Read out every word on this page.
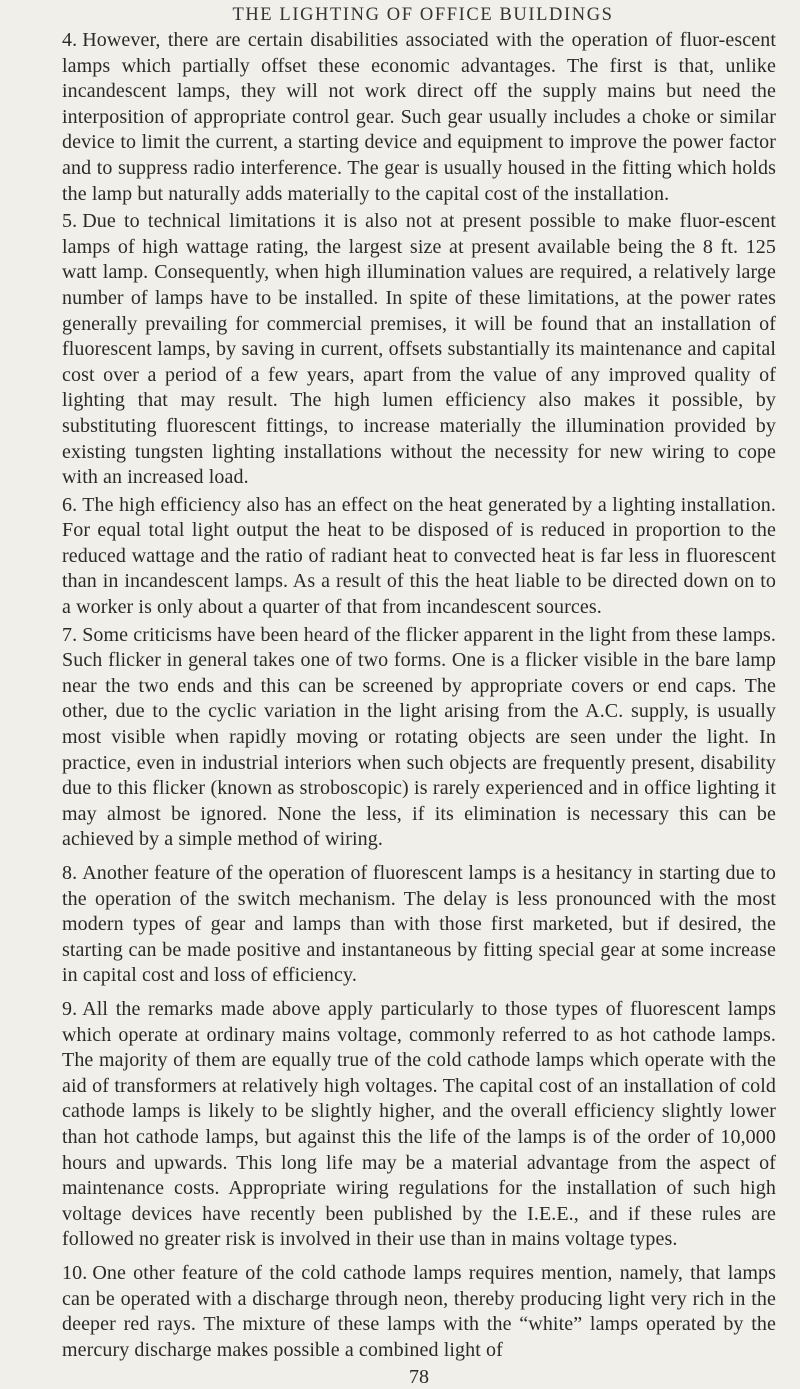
THE LIGHTING OF OFFICE BUILDINGS

4. However, there are certain disabilities associated with the operation of fluor-escent lamps which partially offset these economic advantages. The first is that, unlike incandescent lamps, they will not work direct off the supply mains but need the interposition of appropriate control gear. Such gear usually includes a choke or similar device to limit the current, a starting device and equipment to improve the power factor and to suppress radio interference. The gear is usually housed in the fitting which holds the lamp but naturally adds materially to the capital cost of the installation.

5. Due to technical limitations it is also not at present possible to make fluor-escent lamps of high wattage rating, the largest size at present available being the 8 ft. 125 watt lamp. Consequently, when high illumination values are required, a relatively large number of lamps have to be installed. In spite of these limitations, at the power rates generally prevailing for commercial premises, it will be found that an installation of fluorescent lamps, by saving in current, offsets substantially its maintenance and capital cost over a period of a few years, apart from the value of any improved quality of lighting that may result. The high lumen efficiency also makes it possible, by substituting fluorescent fittings, to increase materially the illumination provided by existing tungsten lighting installations without the necessity for new wiring to cope with an increased load.

6. The high efficiency also has an effect on the heat generated by a lighting installation. For equal total light output the heat to be disposed of is reduced in proportion to the reduced wattage and the ratio of radiant heat to convected heat is far less in fluorescent than in incandescent lamps. As a result of this the heat liable to be directed down on to a worker is only about a quarter of that from incandescent sources.

7. Some criticisms have been heard of the flicker apparent in the light from these lamps. Such flicker in general takes one of two forms. One is a flicker visible in the bare lamp near the two ends and this can be screened by appropriate covers or end caps. The other, due to the cyclic variation in the light arising from the A.C. supply, is usually most visible when rapidly moving or rotating objects are seen under the light. In practice, even in industrial interiors when such objects are frequently present, disability due to this flicker (known as stroboscopic) is rarely experienced and in office lighting it may almost be ignored. None the less, if its elimination is necessary this can be achieved by a simple method of wiring.

8. Another feature of the operation of fluorescent lamps is a hesitancy in starting due to the operation of the switch mechanism. The delay is less pronounced with the most modern types of gear and lamps than with those first marketed, but if desired, the starting can be made positive and instantaneous by fitting special gear at some increase in capital cost and loss of efficiency.

9. All the remarks made above apply particularly to those types of fluorescent lamps which operate at ordinary mains voltage, commonly referred to as hot cathode lamps. The majority of them are equally true of the cold cathode lamps which operate with the aid of transformers at relatively high voltages. The capital cost of an installation of cold cathode lamps is likely to be slightly higher, and the overall efficiency slightly lower than hot cathode lamps, but against this the life of the lamps is of the order of 10,000 hours and upwards. This long life may be a material advantage from the aspect of maintenance costs. Appropriate wiring regulations for the installation of such high voltage devices have recently been published by the I.E.E., and if these rules are followed no greater risk is involved in their use than in mains voltage types.

10. One other feature of the cold cathode lamps requires mention, namely, that lamps can be operated with a discharge through neon, thereby producing light very rich in the deeper red rays. The mixture of these lamps with the “white” lamps operated by the mercury discharge makes possible a combined light of

78
